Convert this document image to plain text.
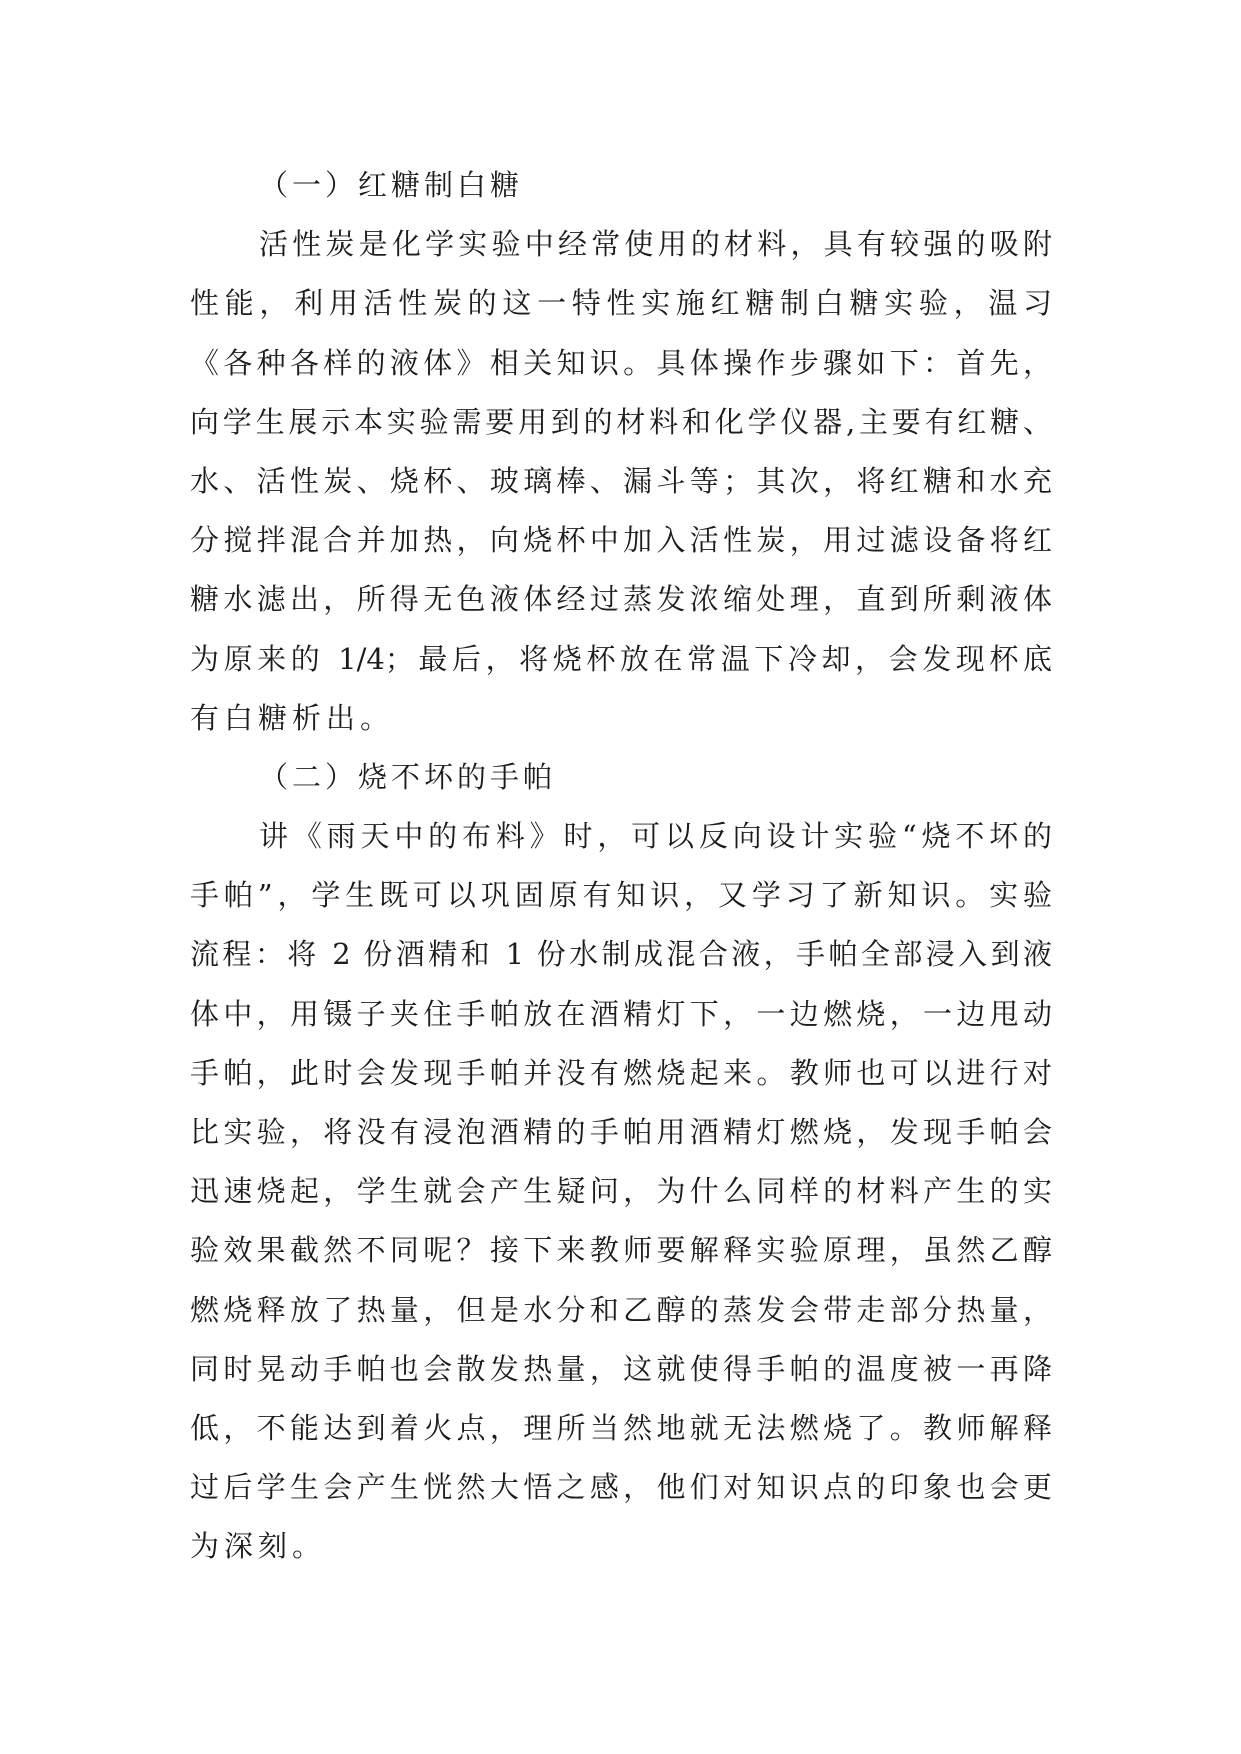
（一）红糖制白糖
活性炭是化学实验中经常使用的材料，具有较强的吸附
性能，利用活性炭的这一特性实施红糖制白糖实验，温习
《各种各样的液体》相关知识。具体操作步骤如下：首先，
向学生展示本实验需要用到的材料和化学仪器,主要有红糖、
水、活性炭、烧杯、玻璃棒、漏斗等；其次，将红糖和水充
分搅拌混合并加热，向烧杯中加入活性炭，用过滤设备将红
糖水滤出，所得无色液体经过蒸发浓缩处理，直到所剩液体
为原来的 1/4；最后，将烧杯放在常温下冷却，会发现杯底
有白糖析出。
（二）烧不坏的手帕
讲《雨天中的布料》时，可以反向设计实验“烧不坏的
手帕”，学生既可以巩固原有知识，又学习了新知识。实验
流程：将 2 份酒精和 1 份水制成混合液，手帕全部浸入到液
体中，用镊子夹住手帕放在酒精灯下，一边燃烧，一边甩动
手帕，此时会发现手帕并没有燃烧起来。教师也可以进行对
比实验，将没有浸泡酒精的手帕用酒精灯燃烧，发现手帕会
迅速烧起，学生就会产生疑问，为什么同样的材料产生的实
验效果截然不同呢？接下来教师要解释实验原理，虽然乙醇
燃烧释放了热量，但是水分和乙醇的蒸发会带走部分热量，
同时晃动手帕也会散发热量，这就使得手帕的温度被一再降
低，不能达到着火点，理所当然地就无法燃烧了。教师解释
过后学生会产生恍然大悟之感，他们对知识点的印象也会更
为深刻。
